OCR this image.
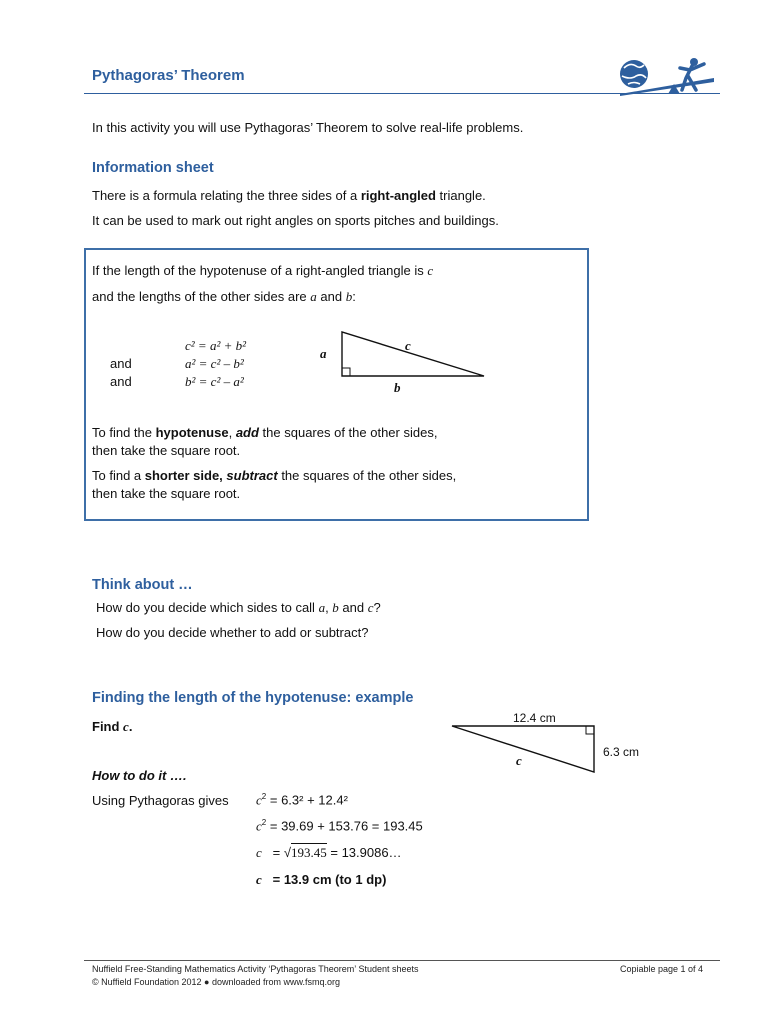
Pythagoras’ Theorem
In this activity you will use Pythagoras’ Theorem to solve real-life problems.
Information sheet
There is a formula relating the three sides of a right-angled triangle.
It can be used to mark out right angles on sports pitches and buildings.
If the length of the hypotenuse of a right-angled triangle is c
and the lengths of the other sides are a and b:
c² = a² + b²
and	a² = c² – b²
and	b² = c² – a²
a
c
b
To find the hypotenuse, add the squares of the other sides,
then take the square root.
To find a shorter side, subtract the squares of the other sides,
then take the square root.
Think about …
How do you decide which sides to call a, b and c?
How do you decide whether to add or subtract?
Finding the length of the hypotenuse: example
Find c.
12.4 cm
6.3 cm
c
How to do it ….
Using Pythagoras gives $c^2 = 6.3^2 + 12.4^2$
$c^2 = 39.69 + 153.76 = 193.45$
c = √193.45 = 13.9086…
c = 13.9 cm (to 1 dp)
Nuffield Free-Standing Mathematics Activity ‘Pythagoras Theorem’ Student sheets
© Nuffield Foundation 2012 ● downloaded from www.fsmq.org
Copiable page 1 of 4
